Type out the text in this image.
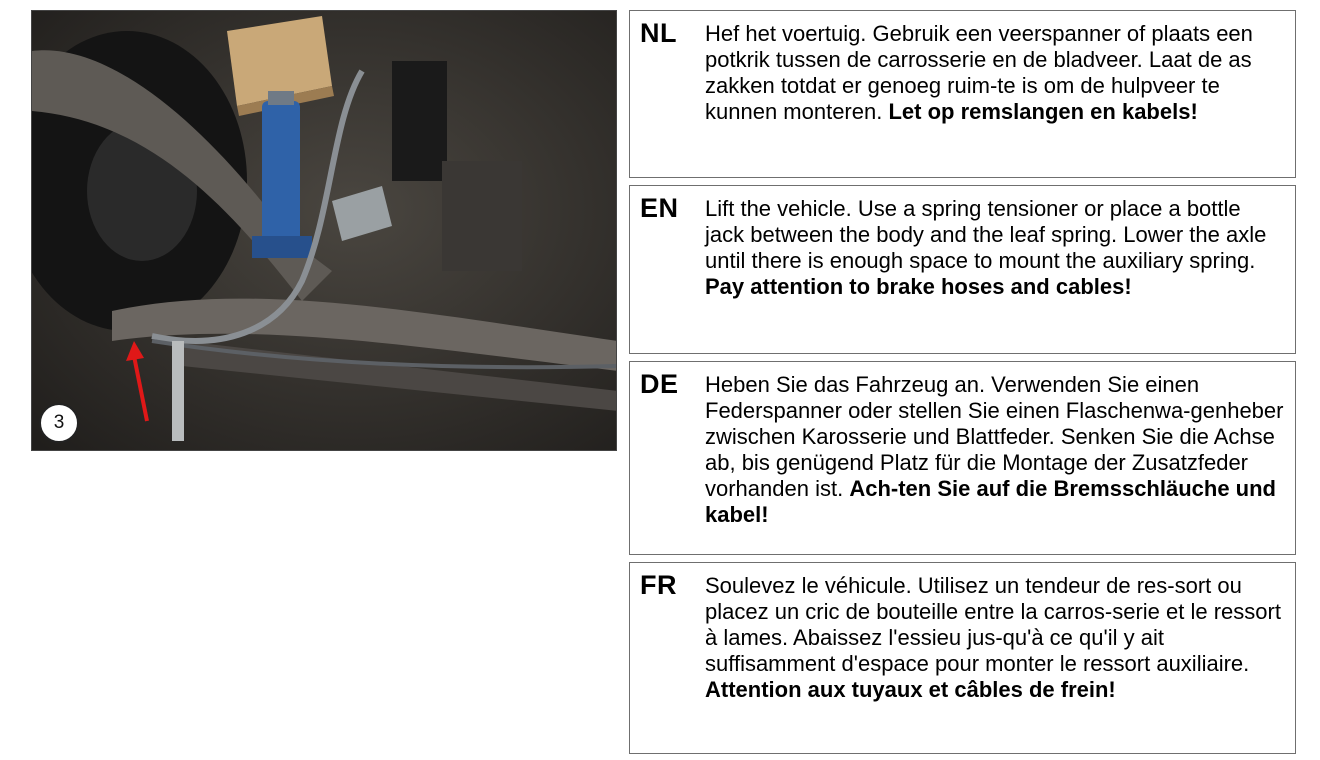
3
NL Hef het voertuig. Gebruik een veerspanner of plaats een potkrik tussen de carrosserie en de bladveer. Laat de as zakken totdat er genoeg ruim-te is om de hulpveer te kunnen monteren. Let op remslangen en kabels!
EN Lift the vehicle. Use a spring tensioner or place a bottle jack between the body and the leaf spring. Lower the axle until there is enough space to mount the auxiliary spring. Pay attention to brake hoses and cables!
DE Heben Sie das Fahrzeug an. Verwenden Sie einen Federspanner oder stellen Sie einen Flaschenwa-genheber zwischen Karosserie und Blattfeder. Senken Sie die Achse ab, bis genügend Platz für die Montage der Zusatzfeder vorhanden ist. Ach-ten Sie auf die Bremsschläuche und kabel!
FR Soulevez le véhicule. Utilisez un tendeur de res-sort ou placez un cric de bouteille entre la carros-serie et le ressort à lames. Abaissez l'essieu jus-qu'à ce qu'il y ait suffisamment d'espace pour monter le ressort auxiliaire. Attention aux tuyaux et câbles de frein!
